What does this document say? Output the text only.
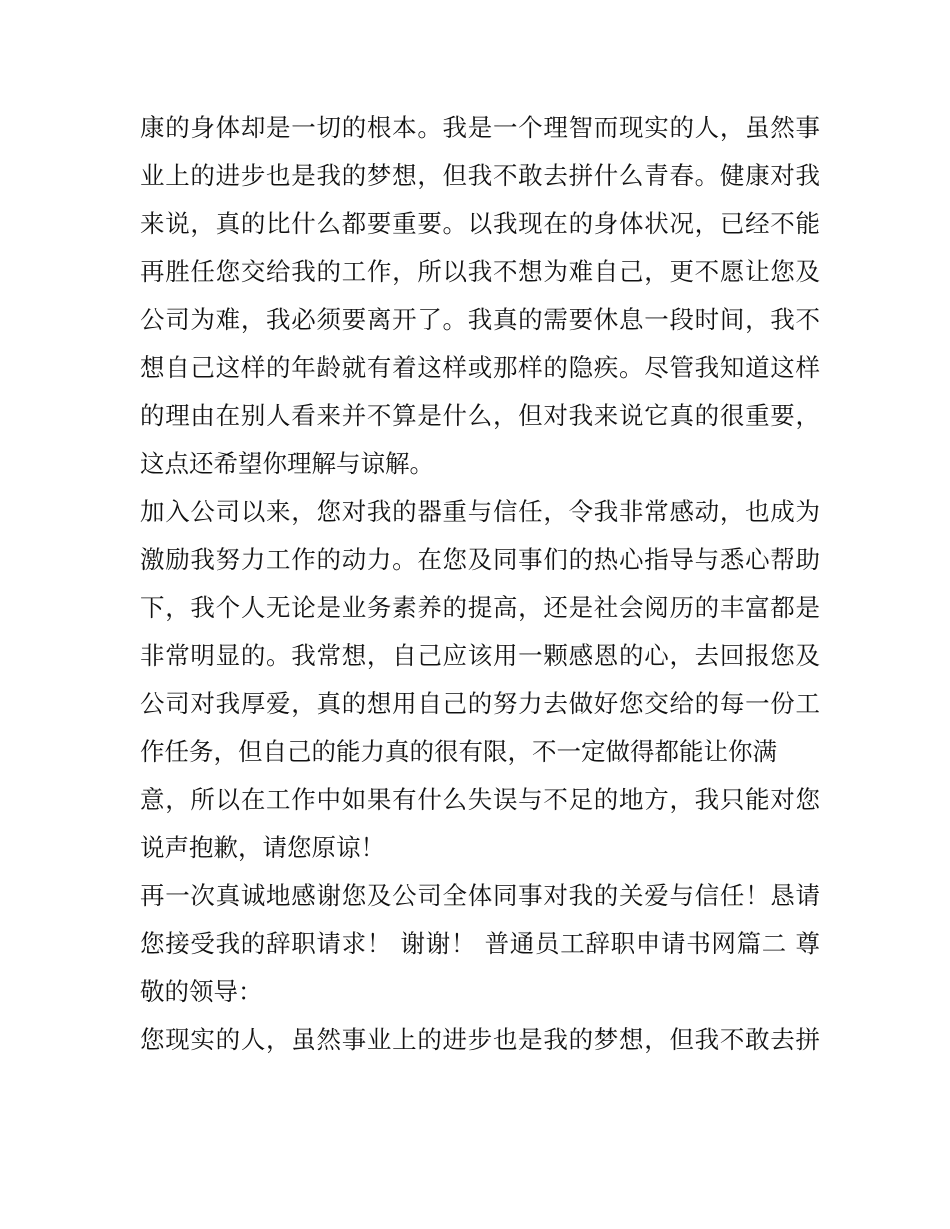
康的身体却是一切的根本。我是一个理智而现实的人，虽然事
业上的进步也是我的梦想，但我不敢去拼什么青春。健康对我
来说，真的比什么都要重要。以我现在的身体状况，已经不能
再胜任您交给我的工作，所以我不想为难自己，更不愿让您及
公司为难，我必须要离开了。我真的需要休息一段时间，我不
想自己这样的年龄就有着这样或那样的隐疾。尽管我知道这样
的理由在别人看来并不算是什么，但对我来说它真的很重要，
这点还希望你理解与谅解。
加入公司以来，您对我的器重与信任，令我非常感动，也成为
激励我努力工作的动力。在您及同事们的热心指导与悉心帮助
下，我个人无论是业务素养的提高，还是社会阅历的丰富都是
非常明显的。我常想，自己应该用一颗感恩的心，去回报您及
公司对我厚爱，真的想用自己的努力去做好您交给的每一份工
作任务，但自己的能力真的很有限，不一定做得都能让你满
意，所以在工作中如果有什么失误与不足的地方，我只能对您
说声抱歉，请您原谅！
再一次真诚地感谢您及公司全体同事对我的关爱与信任！恳请
您接受我的辞职请求！ 谢谢！ 普通员工辞职申请书网篇二 尊
敬的领导：
您现实的人，虽然事业上的进步也是我的梦想，但我不敢去拼
